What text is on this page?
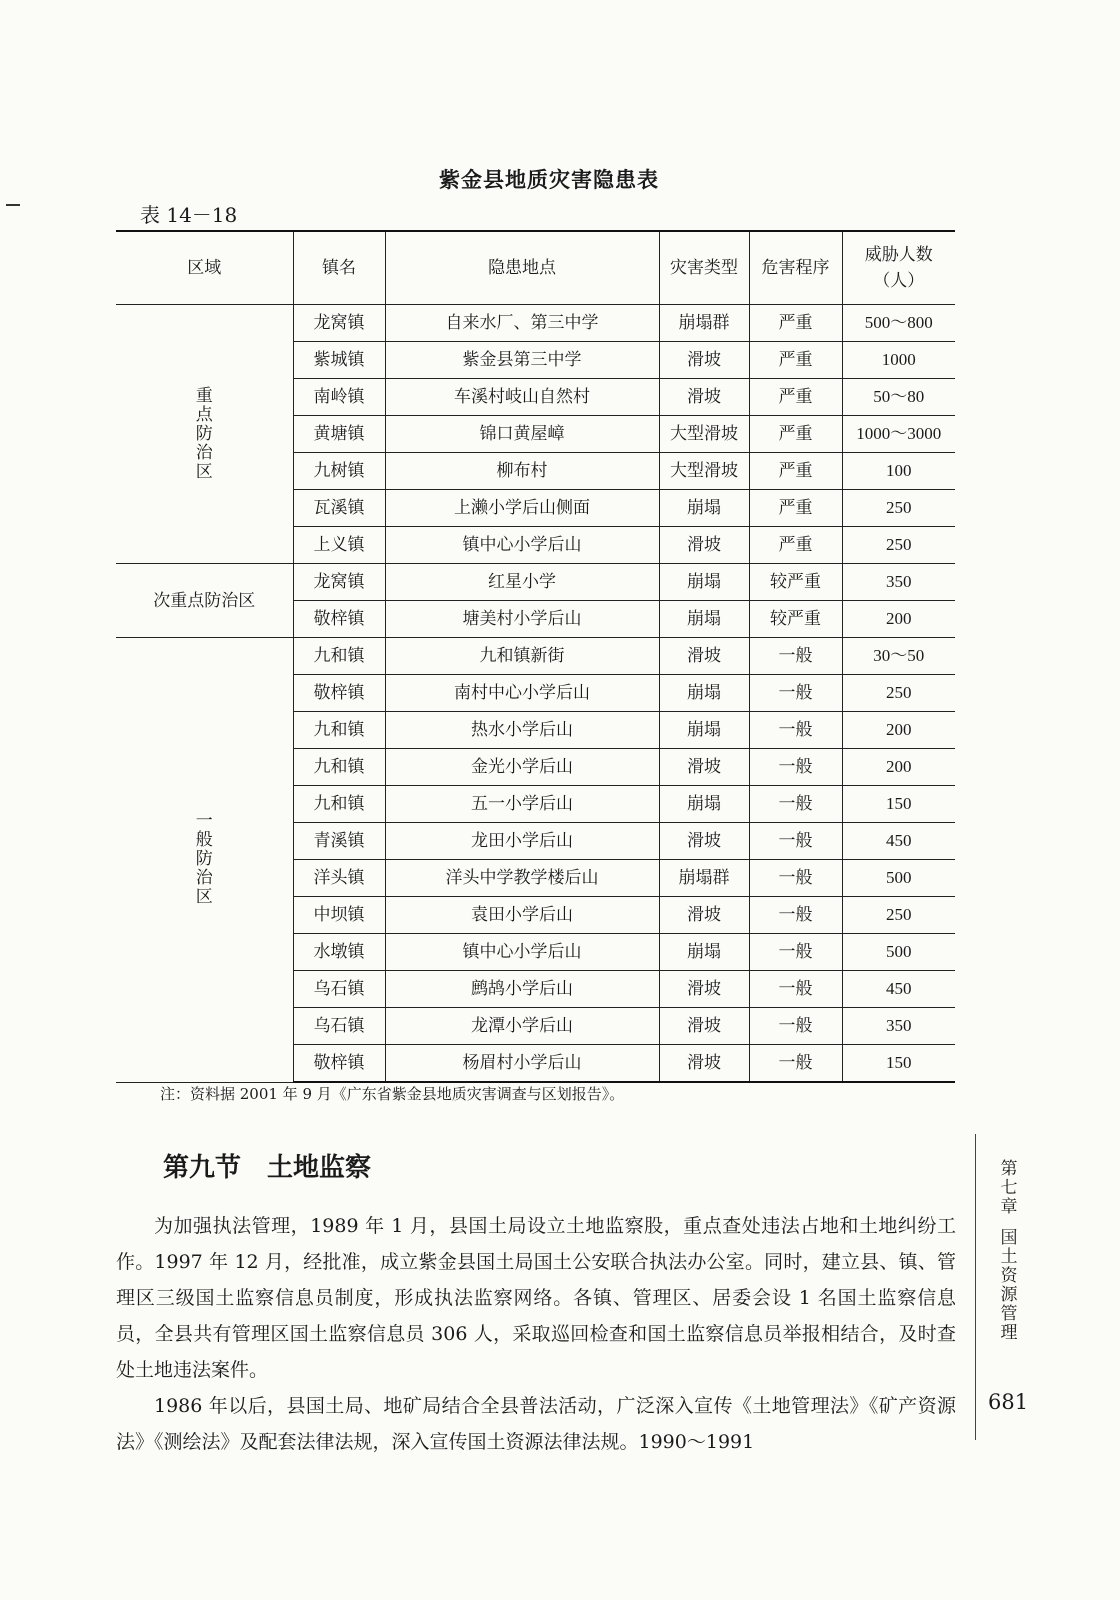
紫金县地质灾害隐患表
表 14－18
区域	镇名	隐患地点	灾害类型	危害程序	威胁人数
（人）

重点防治区	龙窝镇	自来水厂、第三中学	崩塌群	严重	500～800
	紫城镇	紫金县第三中学	滑坡	严重	1000
	南岭镇	车溪村岐山自然村	滑坡	严重	50～80
	黄塘镇	锦口黄屋嶂	大型滑坡	严重	1000～3000
	九树镇	柳布村	大型滑坡	严重	100
	瓦溪镇	上濑小学后山侧面	崩塌	严重	250
	上义镇	镇中心小学后山	滑坡	严重	250
次重点防治区	龙窝镇	红星小学	崩塌	较严重	350
	敬梓镇	塘美村小学后山	崩塌	较严重	200
一般防治区	九和镇	九和镇新街	滑坡	一般	30～50
	敬梓镇	南村中心小学后山	崩塌	一般	250
	九和镇	热水小学后山	崩塌	一般	200
	九和镇	金光小学后山	滑坡	一般	200
	九和镇	五一小学后山	崩塌	一般	150
	青溪镇	龙田小学后山	滑坡	一般	450
	洋头镇	洋头中学教学楼后山	崩塌群	一般	500
	中坝镇	袁田小学后山	滑坡	一般	250
	水墩镇	镇中心小学后山	崩塌	一般	500
	乌石镇	鹧鸪小学后山	滑坡	一般	450
	乌石镇	龙潭小学后山	滑坡	一般	350
	敬梓镇	杨眉村小学后山	滑坡	一般	150
注：资料据 2001 年 9 月《广东省紫金县地质灾害调查与区划报告》。
第九节 土地监察
为加强执法管理，1989 年 1 月，县国土局设立土地监察股，重点查处违法占地和土地纠纷工作。1997 年 12 月，经批准，成立紫金县国土局国土公安联合执法办公室。同时，建立县、镇、管理区三级国土监察信息员制度，形成执法监察网络。各镇、管理区、居委会设 1 名国土监察信息员，全县共有管理区国土监察信息员 306 人，采取巡回检查和国土监察信息员举报相结合，及时查处土地违法案件。
1986 年以后，县国土局、地矿局结合全县普法活动，广泛深入宣传《土地管理法》《矿产资源法》《测绘法》及配套法律法规，深入宣传国土资源法律法规。1990～1991
第七章
国土资源管理
681
